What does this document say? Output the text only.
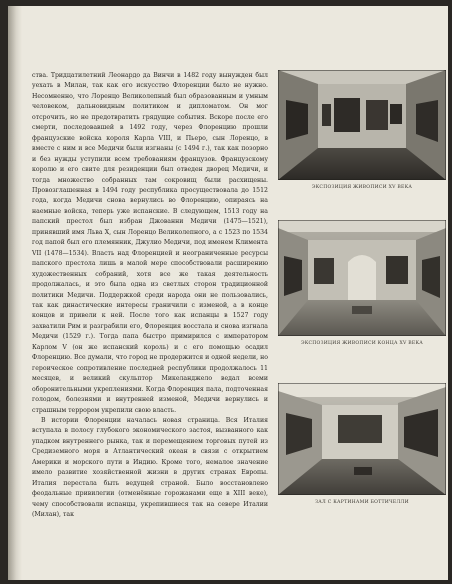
ства. Тридцатилетний Леонардо да Винчи в 1482 году вынужден был уехать в Милан, так как его искусство Флоренции было не нужно. Несомненно, что Лоренцо Великолепный был образованным и умным человеком, дальновидным политиком и дипломатом. Он мог отсрочить, но не предотвратить грядущие события. Вскоре после его смерти, последовавшей в 1492 году, через Флоренцию прошли французские войска короля Карла VIII, и Пьеро, сын Лоренцо, в вместе с ним и все Медичи были изгнаны (с 1494 г.), так как позорно и без нужды уступили всем требованиям французов. Французскому королю и его свите для резиденции был отведен дворец Медичи, и тогда множество собранных там сокровищ были расхищены. Провозглашенная в 1494 году республика просуществовала до 1512 года, когда Медичи снова вернулись во Флоренцию, опираясь на наемные войска, теперь уже испанские. В следующем, 1513 году на папский престол был избран Джованни Медичи (1475—1521), принявший имя Льва X, сын Лоренцо Великолепного, а с 1523 по 1534 год папой был его племянник, Джулио Медичи, под именем Климента VII (1478—1534). Власть над Флоренцией и неограниченные ресурсы папского престола лишь в малой мере способствовали расширению художественных собраний, хотя все же такая деятельность продолжалась, и это была одна из светлых сторон традиционной политики Медичи. Поддержкой среди народа они не пользовались, так как династические интересы граничили с изменой, а в конце концов и привели к ней. После того как испанцы в 1527 году захватили Рим и разграбили его, Флоренция восстала и снова изгнала Медичи (1529 г.). Тогда папа быстро примирился с императором Карлом V (он же испанский король) и с его помощью осадил Флоренцию. Все думали, что город не продержится и одной недели, но героическое сопротивление последней республики продолжалось 11 месяцев, и великий скульптор Микеланджело ведал всеми оборонительными укреплениями. Когда Флоренция пала, подточенная голодом, болезнями и внутренней изменой, Медичи вернулись и страшным террором укрепили свою власть.

В истории Флоренции началась новая страница. Вся Италия вступала в полосу глубокого экономического застоя, вызванного как упадком внутреннего рынка, так и перемещением торговых путей из Средиземного моря в Атлантический океан в связи с открытием Америки и морского пути в Индию. Кроме того, немалое значение имело развитие хозяйственной жизни в других странах Европы. Италия перестала быть ведущей страной. Было восстановлено феодальные привилегии (отменённые горожанами еще в XIII веке), чему способствовали испанцы, укрепившиеся так на севере Италии (Милан), так

ЭКСПОЗИЦИЯ ЖИВОПИСИ XV ВЕКА
ЭКСПОЗИЦИЯ ЖИВОПИСИ КОНЦА XV ВЕКА
ЗАЛ С КАРТИНАМИ БОТТИЧЕЛЛИ
